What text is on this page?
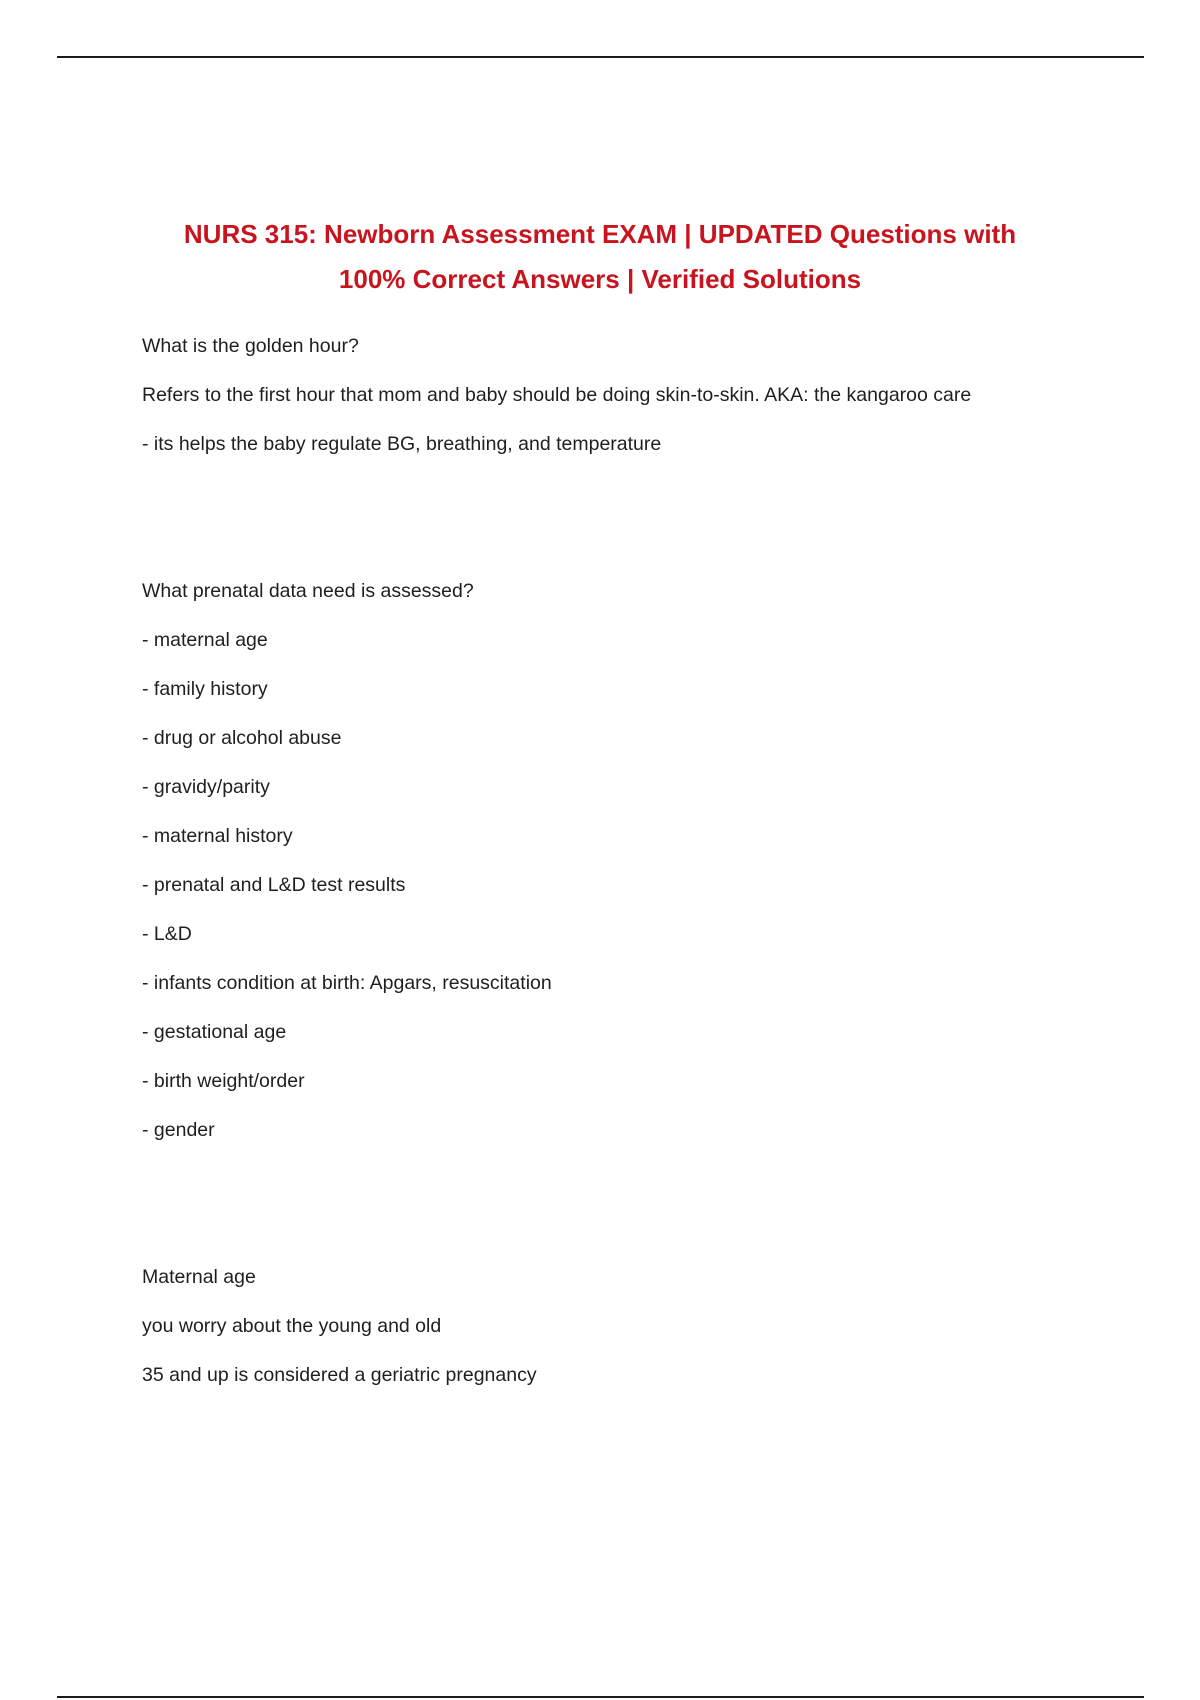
NURS 315: Newborn Assessment EXAM | UPDATED Questions with
100% Correct Answers | Verified Solutions

What is the golden hour?

Refers to the first hour that mom and baby should be doing skin-to-skin. AKA: the kangaroo care

- its helps the baby regulate BG, breathing, and temperature

What prenatal data need is assessed?

- maternal age

- family history

- drug or alcohol abuse

- gravidy/parity

- maternal history

- prenatal and L&D test results

- L&D

- infants condition at birth: Apgars, resuscitation

- gestational age

- birth weight/order

- gender

Maternal age

you worry about the young and old

35 and up is considered a geriatric pregnancy
